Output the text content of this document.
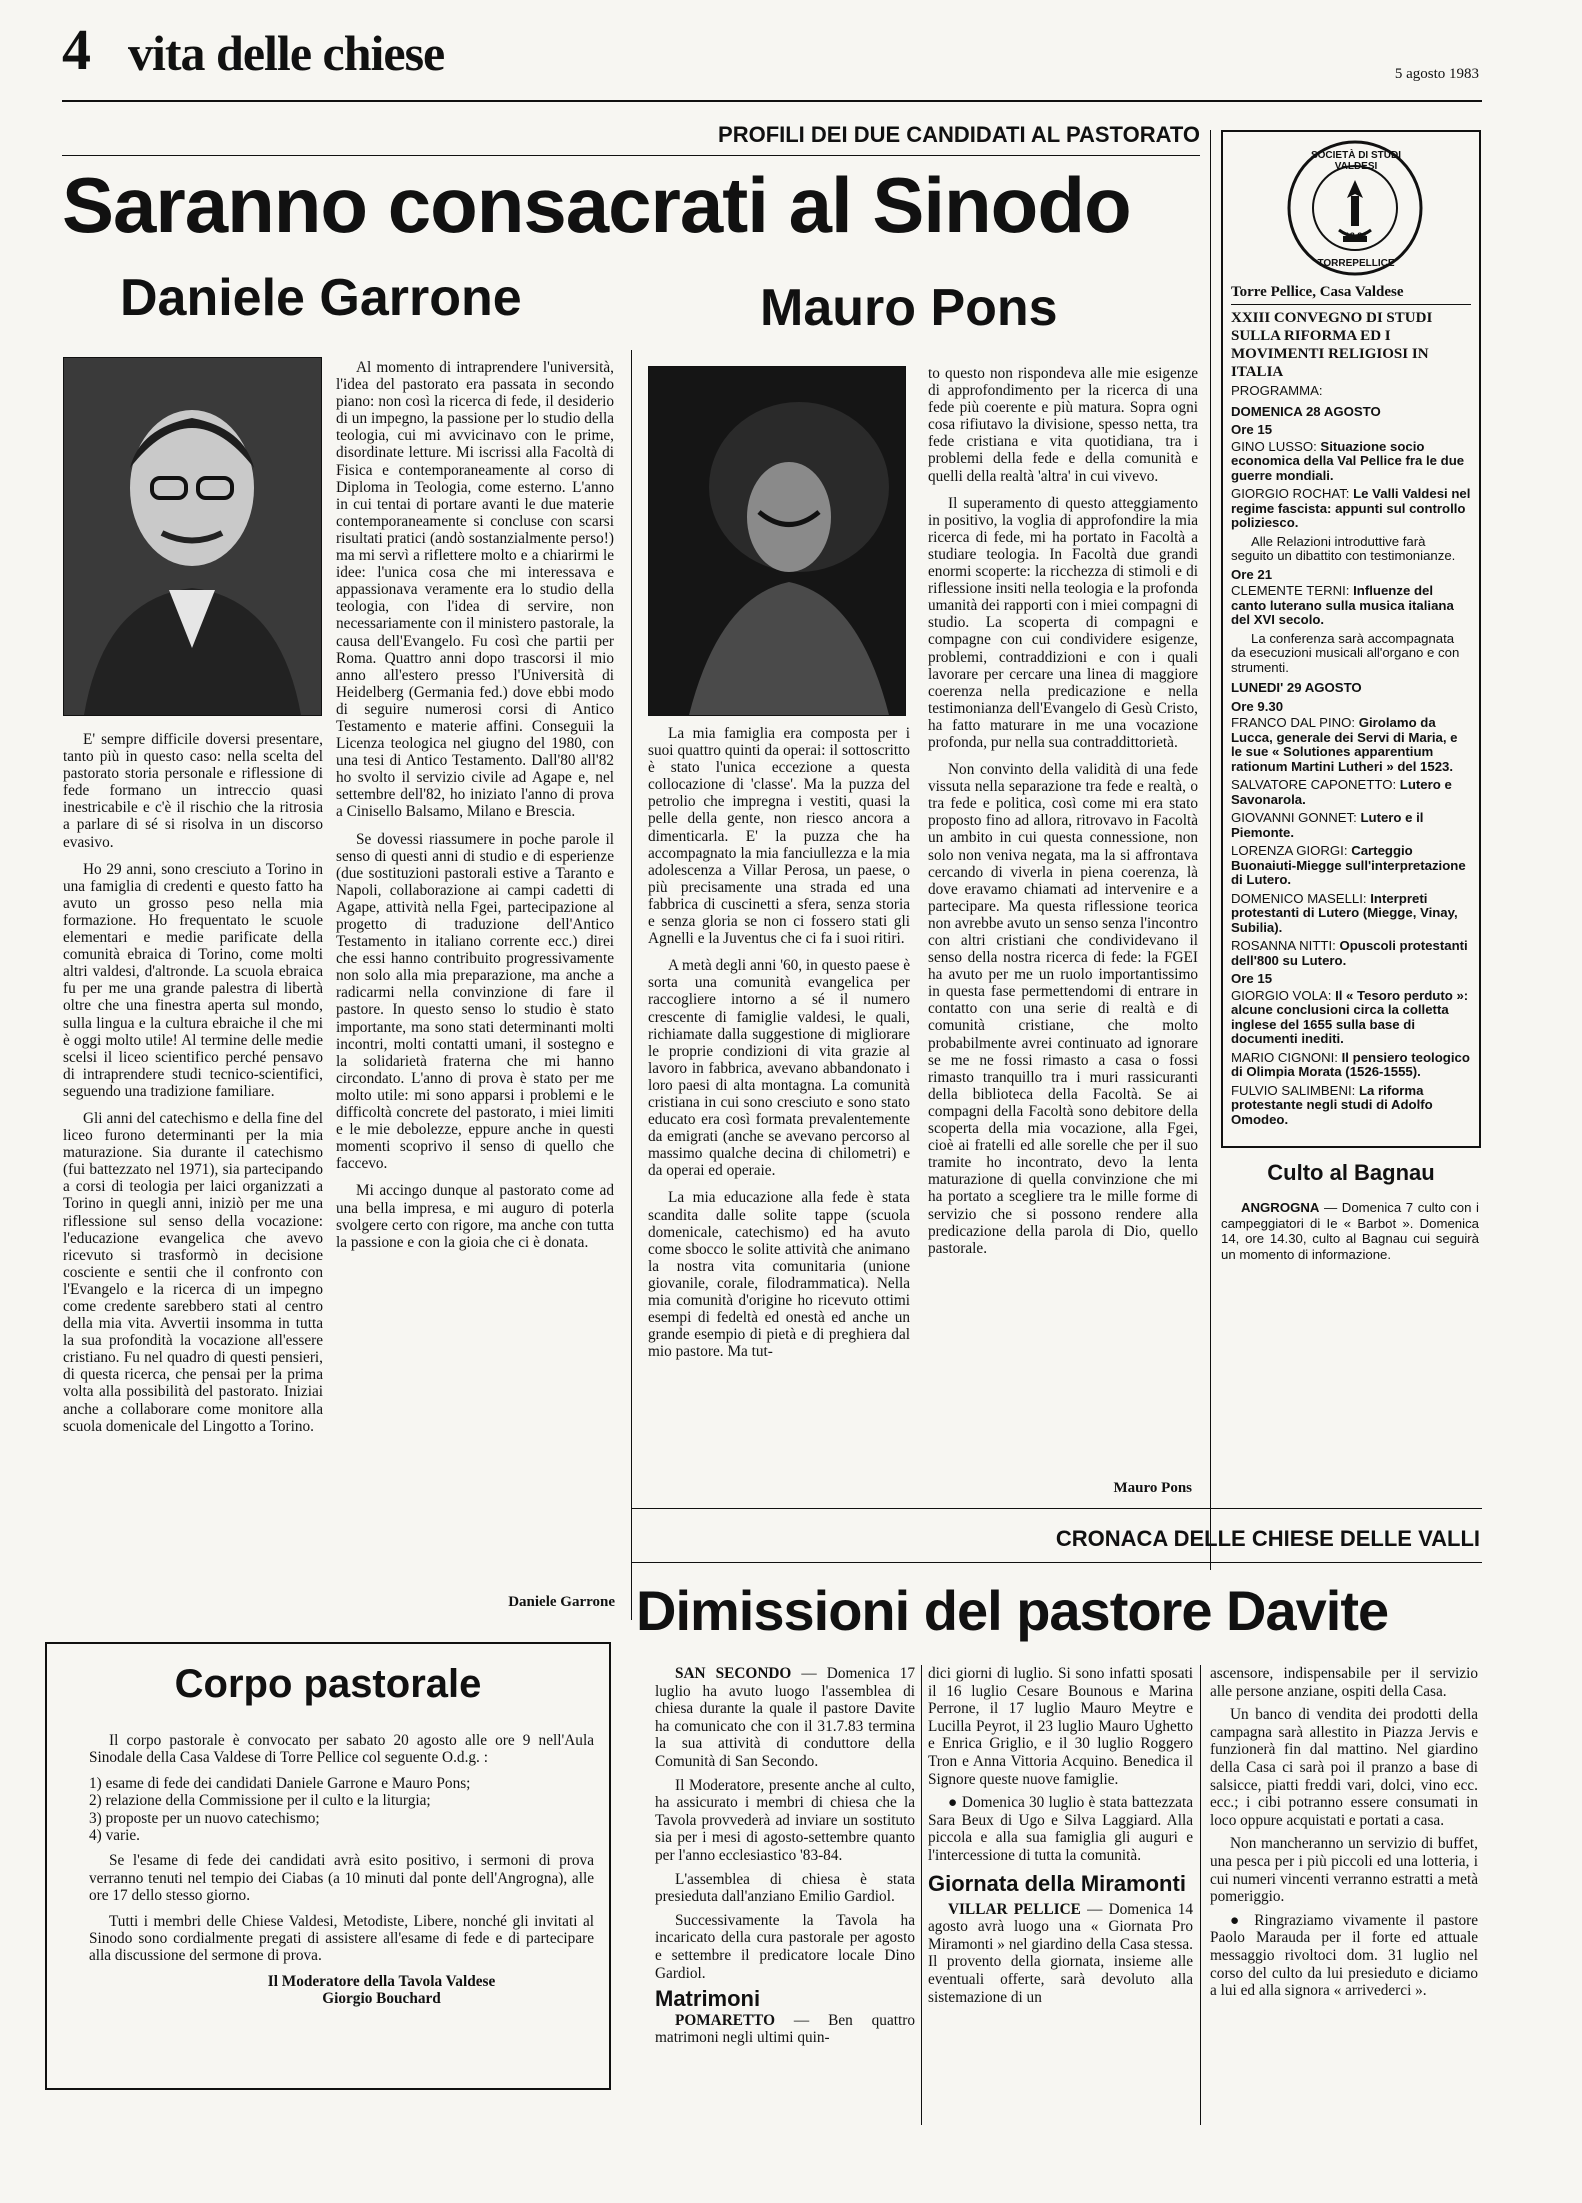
4 vita delle chiese	5 agosto 1983
PROFILI DEI DUE CANDIDATI AL PASTORATO
Saranno consacrati al Sinodo
Daniele Garrone	Mauro Pons

E' sempre difficile doversi presentare, tanto più in questo caso: nella scelta del pastorato storia personale e riflessione di fede formano un intreccio quasi inestricabile e c'è il rischio che la ritrosia a parlare di sé si risolva in un discorso evasivo.

Ho 29 anni, sono cresciuto a Torino in una famiglia di credenti e questo fatto ha avuto un grosso peso nella mia formazione. Ho frequentato le scuole elementari e medie parificate della comunità ebraica di Torino, come molti altri valdesi, d'altronde. La scuola ebraica fu per me una grande palestra di libertà oltre che una finestra aperta sul mondo, sulla lingua e la cultura ebraiche il che mi è oggi molto utile! Al termine delle medie scelsi il liceo scientifico perché pensavo di intraprendere studi tecnico-scientifici, seguendo una tradizione familiare.

Gli anni del catechismo e della fine del liceo furono determinanti per la mia maturazione. Sia durante il catechismo (fui battezzato nel 1971), sia partecipando a corsi di teologia per laici organizzati a Torino in quegli anni, iniziò per me una riflessione sul senso della vocazione: l'educazione evangelica che avevo ricevuto si trasformò in decisione cosciente e sentii che il confronto con l'Evangelo e la ricerca di un impegno come credente sarebbero stati al centro della mia vita. Avvertii insomma in tutta la sua profondità la vocazione all'essere cristiano. Fu nel quadro di questi pensieri, di questa ricerca, che pensai per la prima volta alla possibilità del pastorato. Iniziai anche a collaborare come monitore alla scuola domenicale del Lingotto a Torino.

Al momento di intraprendere l'università, l'idea del pastorato era passata in secondo piano: non così la ricerca di fede, il desiderio di un impegno, la passione per lo studio della teologia, cui mi avvicinavo con le prime, disordinate letture. Mi iscrissi alla Facoltà di Fisica e contemporaneamente al corso di Diploma in Teologia, come esterno. L'anno in cui tentai di portare avanti le due materie contemporaneamente si concluse con scarsi risultati pratici (andò sostanzialmente perso!) ma mi servì a riflettere molto e a chiarirmi le idee: l'unica cosa che mi interessava e appassionava veramente era lo studio della teologia, con l'idea di servire, non necessariamente con il ministero pastorale, la causa dell'Evangelo. Fu così che partii per Roma. Quattro anni dopo trascorsi il mio anno all'estero presso l'Università di Heidelberg (Germania fed.) dove ebbi modo di seguire numerosi corsi di Antico Testamento e materie affini. Conseguii la Licenza teologica nel giugno del 1980, con una tesi di Antico Testamento. Dall'80 all'82 ho svolto il servizio civile ad Agape e, nel settembre dell'82, ho iniziato l'anno di prova a Cinisello Balsamo, Milano e Brescia.

Se dovessi riassumere in poche parole il senso di questi anni di studio e di esperienze (due sostituzioni pastorali estive a Taranto e Napoli, collaborazione ai campi cadetti di Agape, attività nella Fgei, partecipazione al progetto di traduzione dell'Antico Testamento in italiano corrente ecc.) direi che essi hanno contribuito progressivamente non solo alla mia preparazione, ma anche a radicarmi nella convinzione di fare il pastore. In questo senso lo studio è stato importante, ma sono stati determinanti molti incontri, molti contatti umani, il sostegno e la solidarietà fraterna che mi hanno circondato. L'anno di prova è stato per me molto utile: mi sono apparsi i problemi e le difficoltà concrete del pastorato, i miei limiti e le mie debolezze, eppure anche in questi momenti scoprivo il senso di quello che faccevo.

Mi accingo dunque al pastorato come ad una bella impresa, e mi auguro di poterla svolgere certo con rigore, ma anche con tutta la passione e con la gioia che ci è donata.

Daniele Garrone

La mia famiglia era composta per i suoi quattro quinti da operai: il sottoscritto è stato l'unica eccezione a questa collocazione di 'classe'. Ma la puzza del petrolio che impregna i vestiti, quasi la pelle della gente, non riesco ancora a dimenticarla. E' la puzza che ha accompagnato la mia fanciullezza e la mia adolescenza a Villar Perosa, un paese, o più precisamente una strada ed una fabbrica di cuscinetti a sfera, senza storia e senza gloria se non ci fossero stati gli Agnelli e la Juventus che ci fa i suoi ritiri.

A metà degli anni '60, in questo paese è sorta una comunità evangelica per raccogliere intorno a sé il numero crescente di famiglie valdesi, le quali, richiamate dalla suggestione di migliorare le proprie condizioni di vita grazie al lavoro in fabbrica, avevano abbandonato i loro paesi di alta montagna. La comunità cristiana in cui sono cresciuto e sono stato educato era così formata prevalentemente da emigrati (anche se avevano percorso al massimo qualche decina di chilometri) e da operai ed operaie.

La mia educazione alla fede è stata scandita dalle solite tappe (scuola domenicale, catechismo) ed ha avuto come sbocco le solite attività che animano la nostra vita comunitaria (unione giovanile, corale, filodrammatica). Nella mia comunità d'origine ho ricevuto ottimi esempi di fedeltà ed onestà ed anche un grande esempio di pietà e di preghiera dal mio pastore. Ma tut-

to questo non rispondeva alle mie esigenze di approfondimento per la ricerca di una fede più coerente e più matura. Sopra ogni cosa rifiutavo la divisione, spesso netta, tra fede cristiana e vita quotidiana, tra i problemi della fede e della comunità e quelli della realtà 'altra' in cui vivevo.

Il superamento di questo atteggiamento in positivo, la voglia di approfondire la mia ricerca di fede, mi ha portato in Facoltà a studiare teologia. In Facoltà due grandi enormi scoperte: la ricchezza di stimoli e di riflessione insiti nella teologia e la profonda umanità dei rapporti con i miei compagni di studio. La scoperta di compagni e compagne con cui condividere esigenze, problemi, contraddizioni e con i quali lavorare per cercare una linea di maggiore coerenza nella predicazione e nella testimonianza dell'Evangelo di Gesù Cristo, ha fatto maturare in me una vocazione profonda, pur nella sua contraddittorietà.

Non convinto della validità di una fede vissuta nella separazione tra fede e realtà, o tra fede e politica, così come mi era stato proposto fino ad allora, ritrovavo in Facoltà un ambito in cui questa connessione, non solo non veniva negata, ma la si affrontava cercando di viverla in piena coerenza, là dove eravamo chiamati ad intervenire e a partecipare. Ma questa riflessione teorica non avrebbe avuto un senso senza l'incontro con altri cristiani che condividevano il senso della nostra ricerca di fede: la FGEI ha avuto per me un ruolo importantissimo in questa fase permettendomi di entrare in contatto con una serie di realtà e di comunità cristiane, che molto probabilmente avrei continuato ad ignorare se me ne fossi rimasto a casa o fossi rimasto tranquillo tra i muri rassicuranti della biblioteca della Facoltà. Se ai compagni della Facoltà sono debitore della scoperta della mia vocazione, alla Fgei, cioè ai fratelli ed alle sorelle che per il suo tramite ho incontrato, devo la lenta maturazione di quella convinzione che mi ha portato a scegliere tra le mille forme di servizio che si possono rendere alla predicazione della parola di Dio, quello pastorale.

Mauro Pons
SOCIETÀ DI STUDI VALDESI
TORREPELLICE
18 81
Torre Pellice, Casa Valdese
XXIII CONVEGNO DI STUDI SULLA RIFORMA ED I MOVIMENTI RELIGIOSI IN ITALIA
PROGRAMMA:
DOMENICA 28 AGOSTO
Ore 15
GINO LUSSO: Situazione socio economica della Val Pellice fra le due guerre mondiali.
GIORGIO ROCHAT: Le Valli Valdesi nel regime fascista: appunti sul controllo poliziesco.
Alle Relazioni introduttive farà seguito un dibattito con testimonianze.
Ore 21
CLEMENTE TERNI: Influenze del canto luterano sulla musica italiana del XVI secolo.
La conferenza sarà accompagnata da esecuzioni musicali all'organo e con strumenti.
LUNEDI' 29 AGOSTO
Ore 9.30
FRANCO DAL PINO: Girolamo da Lucca, generale dei Servi di Maria, e le sue « Solutiones apparentium rationum Martini Lutheri » del 1523.
SALVATORE CAPONETTO: Lutero e Savonarola.
GIOVANNI GONNET: Lutero e il Piemonte.
LORENZA GIORGI: Carteggio Buonaiuti-Miegge sull'interpretazione di Lutero.
DOMENICO MASELLI: Interpreti protestanti di Lutero (Miegge, Vinay, Subilia).
ROSANNA NITTI: Opuscoli protestanti dell'800 su Lutero.
Ore 15
GIORGIO VOLA: Il « Tesoro perduto »: alcune conclusioni circa la colletta inglese del 1655 sulla base di documenti inediti.
MARIO CIGNONI: Il pensiero teologico di Olimpia Morata (1526-1555).
FULVIO SALIMBENI: La riforma protestante negli studi di Adolfo Omodeo.
Culto al Bagnau
ANGROGNA — Domenica 7 culto con i campeggiatori di Ie « Barbot ». Domenica 14, ore 14.30, culto al Bagnau cui seguirà un momento di informazione.
CRONACA DELLE CHIESE DELLE VALLI
Dimissioni del pastore Davite
Corpo pastorale

Il corpo pastorale è convocato per sabato 20 agosto alle ore 9 nell'Aula Sinodale della Casa Valdese di Torre Pellice col seguente O.d.g. :

1) esame di fede dei candidati Daniele Garrone e Mauro Pons;
2) relazione della Commissione per il culto e la liturgia;
3) proposte per un nuovo catechismo;
4) varie.

Se l'esame di fede dei candidati avrà esito positivo, i sermoni di prova verranno tenuti nel tempio dei Ciabas (a 10 minuti dal ponte dell'Angrogna), alle ore 17 dello stesso giorno.

Tutti i membri delle Chiese Valdesi, Metodiste, Libere, nonché gli invitati al Sinodo sono cordialmente pregati di assistere all'esame di fede e di partecipare alla discussione del sermone di prova.

Il Moderatore della Tavola Valdese
Giorgio Bouchard

SAN SECONDO — Domenica 17 luglio ha avuto luogo l'assemblea di chiesa durante la quale il pastore Davite ha comunicato che con il 31.7.83 termina la sua attività di conduttore della Comunità di San Secondo.

Il Moderatore, presente anche al culto, ha assicurato i membri di chiesa che la Tavola provvederà ad inviare un sostituto sia per i mesi di agosto-settembre quanto per l'anno ecclesiastico '83-84.

L'assemblea di chiesa è stata presieduta dall'anziano Emilio Gardiol.

Successivamente la Tavola ha incaricato della cura pastorale per agosto e settembre il predicatore locale Dino Gardiol.

Matrimoni

POMARETTO — Ben quattro matrimoni negli ultimi quin-

dici giorni di luglio. Si sono infatti sposati il 16 luglio Cesare Bounous e Marina Perrone, il 17 luglio Mauro Meytre e Lucilla Peyrot, il 23 luglio Mauro Ughetto e Enrica Griglio, e il 30 luglio Roggero Tron e Anna Vittoria Acquino. Benedica il Signore queste nuove famiglie.

● Domenica 30 luglio è stata battezzata Sara Beux di Ugo e Silva Laggiard. Alla piccola e alla sua famiglia gli auguri e l'intercessione di tutta la comunità.

Giornata della Miramonti

VILLAR PELLICE — Domenica 14 agosto avrà luogo una « Giornata Pro Miramonti » nel giardino della Casa stessa. Il provento della giornata, insieme alle eventuali offerte, sarà devoluto alla sistemazione di un

ascensore, indispensabile per il servizio alle persone anziane, ospiti della Casa.

Un banco di vendita dei prodotti della campagna sarà allestito in Piazza Jervis e funzionerà fin dal mattino. Nel giardino della Casa ci sarà poi il pranzo a base di salsicce, piatti freddi vari, dolci, vino ecc. ecc.; i cibi potranno essere consumati in loco oppure acquistati e portati a casa.

Non mancheranno un servizio di buffet, una pesca per i più piccoli ed una lotteria, i cui numeri vincenti verranno estratti a metà pomeriggio.

● Ringraziamo vivamente il pastore Paolo Marauda per il forte ed attuale messaggio rivoltoci dom. 31 luglio nel corso del culto da lui presieduto e diciamo a lui ed alla signora « arrivederci ».
